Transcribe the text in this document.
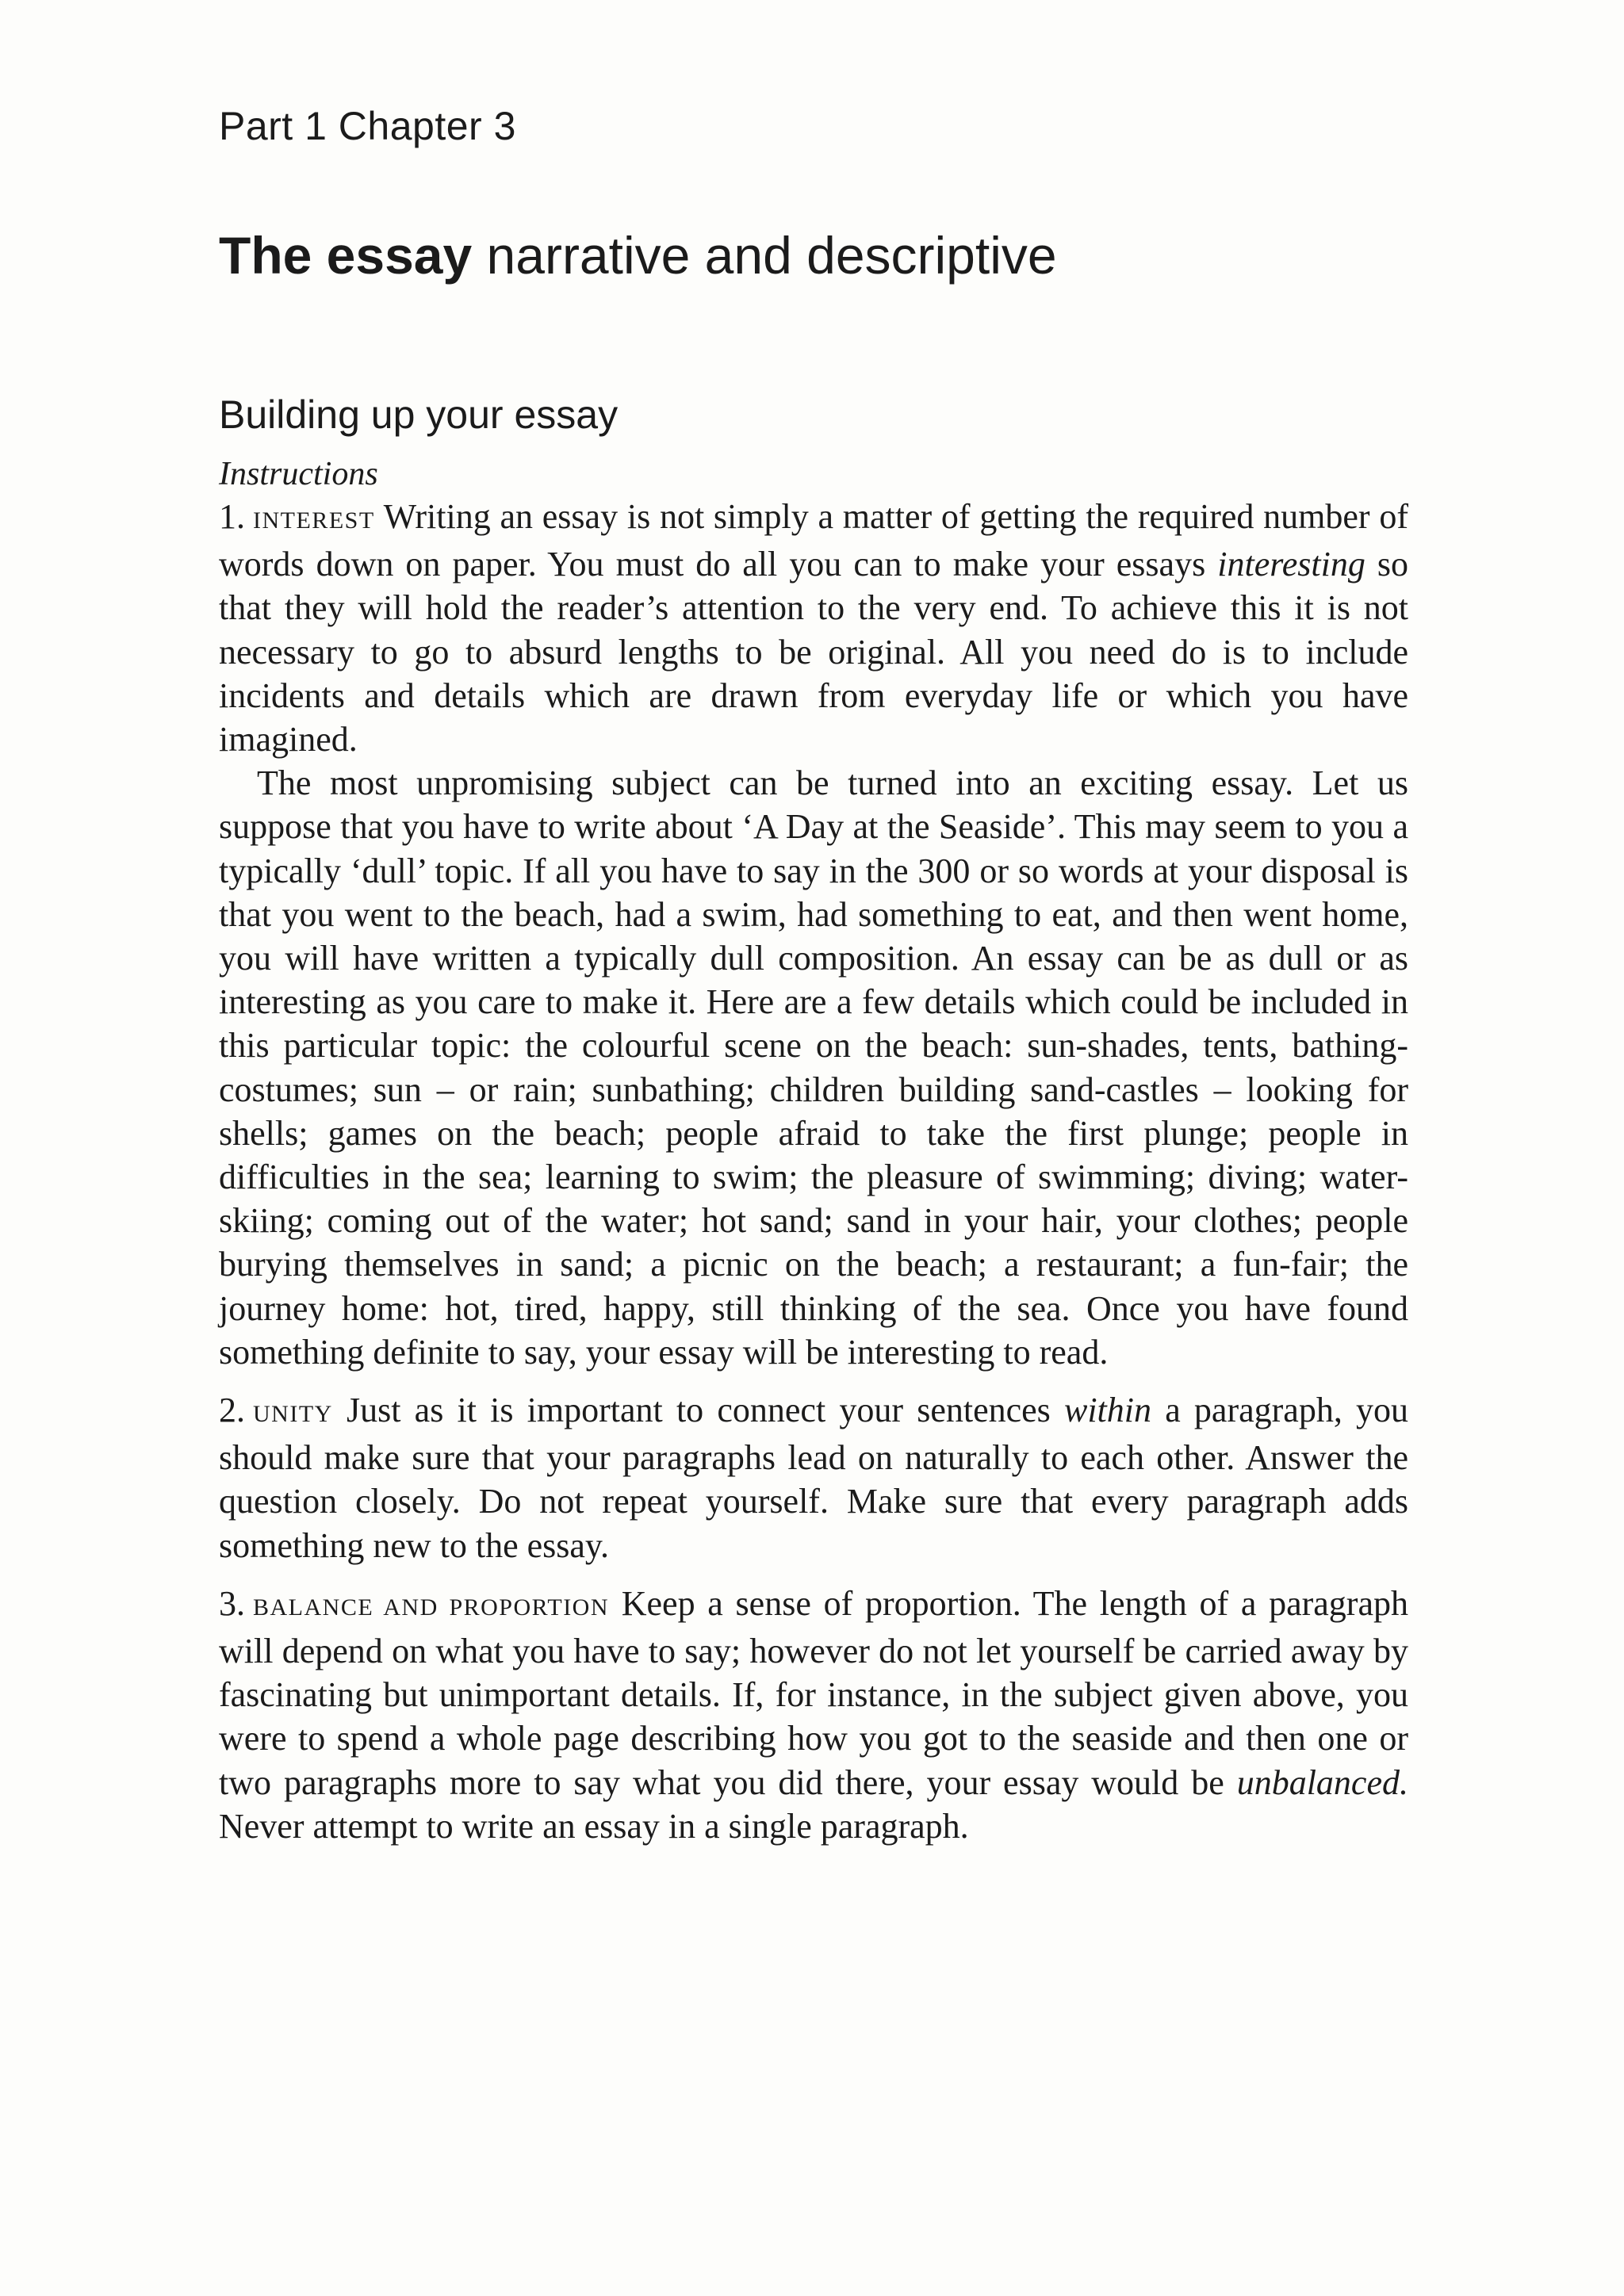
Part 1 Chapter 3
The essay narrative and descriptive
Building up your essay
Instructions

1. INTEREST Writing an essay is not simply a matter of getting the required number of words down on paper. You must do all you can to make your essays interesting so that they will hold the reader’s attention to the very end. To achieve this it is not necessary to go to absurd lengths to be original. All you need do is to include incidents and details which are drawn from everyday life or which you have imagined.

The most unpromising subject can be turned into an exciting essay. Let us suppose that you have to write about ‘A Day at the Seaside’. This may seem to you a typically ‘dull’ topic. If all you have to say in the 300 or so words at your disposal is that you went to the beach, had a swim, had something to eat, and then went home, you will have written a typically dull composition. An essay can be as dull or as interesting as you care to make it. Here are a few details which could be included in this particular topic: the colourful scene on the beach: sun-shades, tents, bathing-costumes; sun – or rain; sunbathing; children building sand-castles – looking for shells; games on the beach; people afraid to take the first plunge; people in difficulties in the sea; learning to swim; the pleasure of swimming; diving; water-skiing; coming out of the water; hot sand; sand in your hair, your clothes; people burying themselves in sand; a picnic on the beach; a restaurant; a fun-fair; the journey home: hot, tired, happy, still thinking of the sea. Once you have found something definite to say, your essay will be interesting to read.

2. UNITY Just as it is important to connect your sentences within a paragraph, you should make sure that your paragraphs lead on naturally to each other. Answer the question closely. Do not repeat yourself. Make sure that every paragraph adds something new to the essay.

3. BALANCE AND PROPORTION Keep a sense of proportion. The length of a paragraph will depend on what you have to say; however do not let yourself be carried away by fascinating but unimportant details. If, for instance, in the subject given above, you were to spend a whole page describing how you got to the seaside and then one or two paragraphs more to say what you did there, your essay would be unbalanced. Never attempt to write an essay in a single paragraph.
